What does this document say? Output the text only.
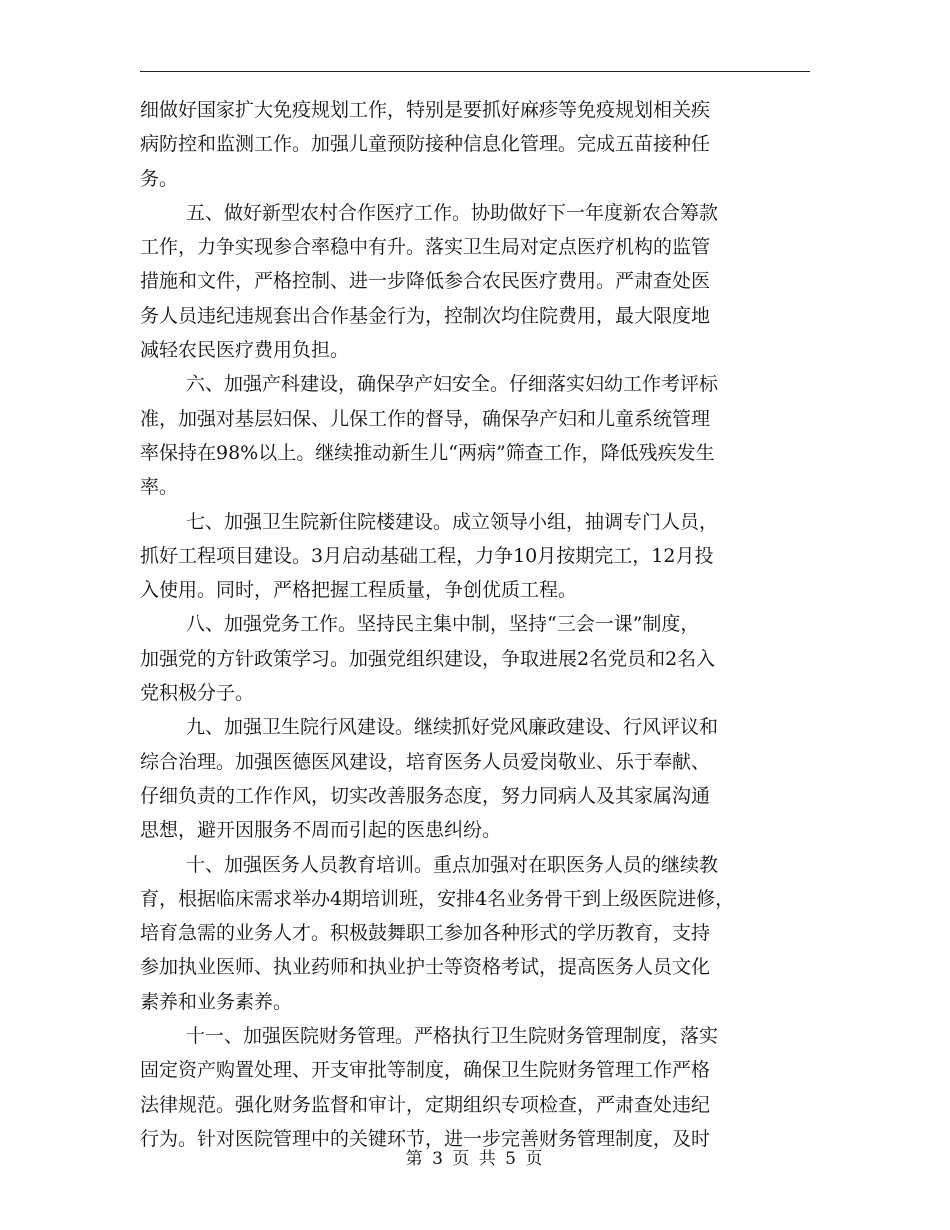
细做好国家扩大免疫规划工作，特别是要抓好麻疹等免疫规划相关疾
病防控和监测工作。加强儿童预防接种信息化管理。完成五苗接种任
务。

五、做好新型农村合作医疗工作。协助做好下一年度新农合筹款
工作，力争实现参合率稳中有升。落实卫生局对定点医疗机构的监管
措施和文件，严格控制、进一步降低参合农民医疗费用。严肃查处医
务人员违纪违规套出合作基金行为，控制次均住院费用，最大限度地
减轻农民医疗费用负担。

六、加强产科建设，确保孕产妇安全。仔细落实妇幼工作考评标
准，加强对基层妇保、儿保工作的督导，确保孕产妇和儿童系统管理
率保持在98%以上。继续推动新生儿“两病”筛查工作，降低残疾发生
率。

七、加强卫生院新住院楼建设。成立领导小组，抽调专门人员，
抓好工程项目建设。3月启动基础工程，力争10月按期完工，12月投
入使用。同时，严格把握工程质量，争创优质工程。

八、加强党务工作。坚持民主集中制，坚持“三会一课”制度，
加强党的方针政策学习。加强党组织建设，争取进展2名党员和2名入
党积极分子。

九、加强卫生院行风建设。继续抓好党风廉政建设、行风评议和
综合治理。加强医德医风建设，培育医务人员爱岗敬业、乐于奉献、
仔细负责的工作作风，切实改善服务态度，努力同病人及其家属沟通
思想，避开因服务不周而引起的医患纠纷。

十、加强医务人员教育培训。重点加强对在职医务人员的继续教
育，根据临床需求举办4期培训班，安排4名业务骨干到上级医院进修，
培育急需的业务人才。积极鼓舞职工参加各种形式的学历教育，支持
参加执业医师、执业药师和执业护士等资格考试，提高医务人员文化
素养和业务素养。

十一、加强医院财务管理。严格执行卫生院财务管理制度，落实
固定资产购置处理、开支审批等制度，确保卫生院财务管理工作严格
法律规范。强化财务监督和审计，定期组织专项检查，严肃查处违纪
行为。针对医院管理中的关键环节，进一步完善财务管理制度，及时

第 3 页 共 5 页
